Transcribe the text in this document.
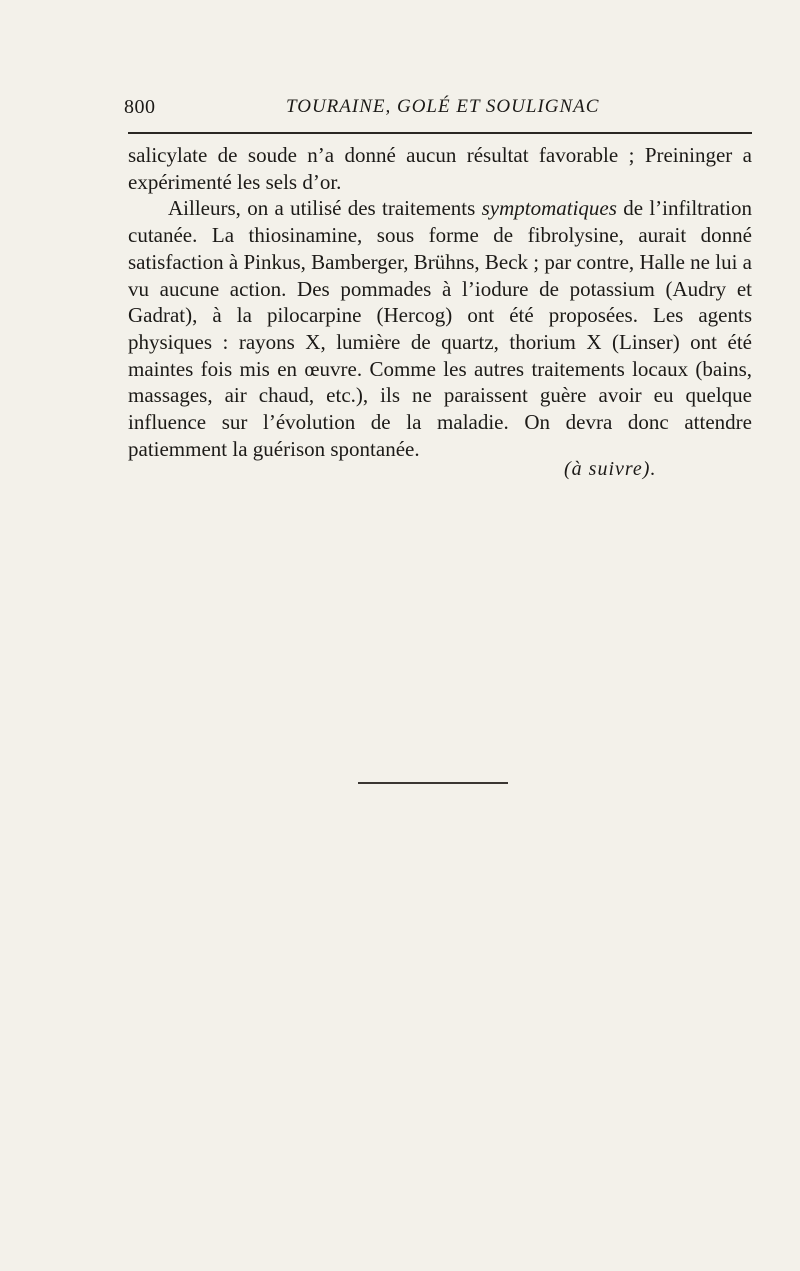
800	TOURAINE, GOLÉ ET SOULIGNAC

salicylate de soude n’a donné aucun résultat favorable ; Preininger a expérimenté les sels d’or.

Ailleurs, on a utilisé des traitements symptomatiques de l’infiltration cutanée. La thiosinamine, sous forme de fibrolysine, aurait donné satisfaction à Pinkus, Bamberger, Brühns, Beck ; par contre, Halle ne lui a vu aucune action. Des pommades à l’iodure de potassium (Audry et Gadrat), à la pilocarpine (Hercog) ont été proposées. Les agents physiques : rayons X, lumière de quartz, thorium X (Linser) ont été maintes fois mis en œuvre. Comme les autres traitements locaux (bains, massages, air chaud, etc.), ils ne paraissent guère avoir eu quelque influence sur l’évolution de la maladie. On devra donc attendre patiemment la guérison spontanée.

(à suivre).
